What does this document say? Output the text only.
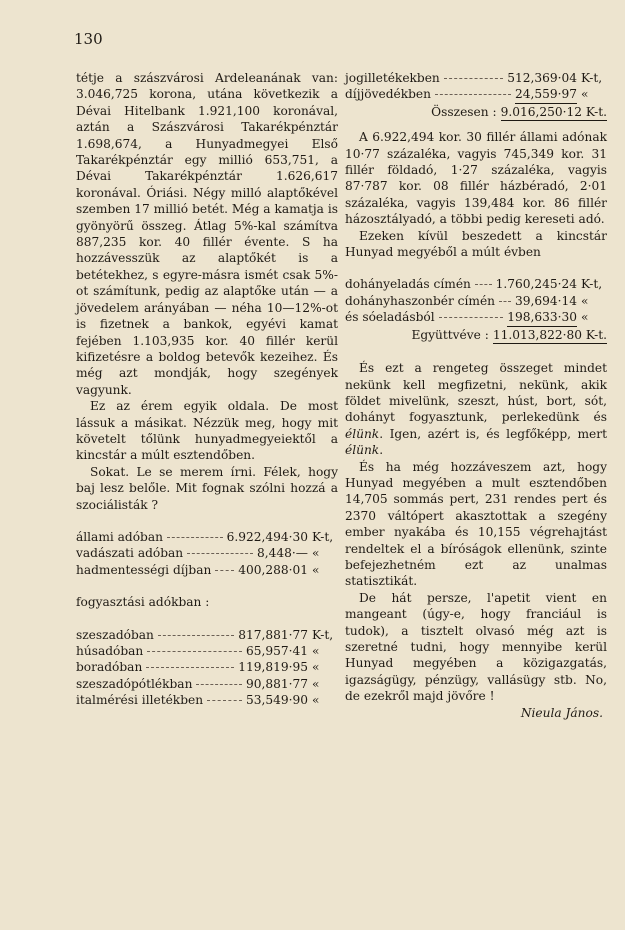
130

tétje a szászvárosi Ardeleanának van: 3.046,725 korona, utána következik a Dévai Hitelbank 1.921,100 koronával, aztán a Szászvárosi Takarékpénztár 1.698,674, a Hunyadmegyei Első Takarékpénztár egy millió 653,751, a Dévai Takarékpénztár 1.626,617 koronával. Óriási. Négy milló alaptőkével szemben 17 millió betét. Még a kamatja is gyönyörű összeg. Átlag 5%-kal számítva 887,235 kor. 40 fillér évente. S ha hozzávesszük az alaptőkét is a betétekhez, s egyre-másra ismét csak 5%-ot számítunk, pedig az alaptőke után — a jövedelem arányában — néha 10—12%-ot is fizetnek a bankok, egyévi kamat fejében 1.103,935 kor. 40 fillér kerül kifizetésre a boldog betevők kezeihez. És még azt mondják, hogy szegények vagyunk.

Ez az érem egyik oldala. De most lássuk a másikat. Nézzük meg, hogy mit követelt tőlünk hunyadmegyeiektől a kincstár a múlt esztendőben.

Sokat. Le se merem írni. Félek, hogy baj lesz belőle. Mit fognak szólni hozzá a szociálisták ?

állami adóban	6.922,494·30 K-t,
vadászati adóban	8,448·— «
hadmentességi díjban 400,288·01 «

fogyasztási adókban :

szeszadóban	817,881·77 K-t,
húsadóban	65,957·41 «
boradóban	119,819·95 «
szeszadópótlékban	90,881·77 «
italmérési illetékben	53,549·90 «
jogilletékekben	512,369·04 K-t,
díjjövedékben	24,559·97 «
Összesen : 9.016,250·12 K-t.

A 6.922,494 kor. 30 fillér állami adónak 10·77 százaléka, vagyis 745,349 kor. 31 fillér földadó, 1·27 százaléka, vagyis 87·787 kor. 08 fillér házbéradó, 2·01 százaléka, vagyis 139,484 kor. 86 fillér házosztályadó, a többi pedig kereseti adó.

Ezeken kívül beszedett a kincstár Hunyad megyéből a múlt évben

dohányeladás címén 1.760,245·24 K-t,
dohányhaszonbér címén 39,694·14 «
és sóeladásból	198,633·30 «
Együttvéve : 11.013,822·80 K-t.

És ezt a rengeteg összeget mindet nekünk kell megfizetni, nekünk, akik földet mivelünk, szeszt, húst, bort, sót, dohányt fogyasztunk, perlekedünk és élünk. Igen, azért is, és legfőképp, mert élünk.

És ha még hozzáveszem azt, hogy Hunyad megyében a mult esztendőben 14,705 sommás pert, 231 rendes pert és 2370 váltópert akasztottak a szegény ember nyakába és 10,155 végrehajtást rendeltek el a bíróságok ellenünk, szinte befejezhetném ezt az unalmas statisztikát.

De hát persze, l'apetit vient en mangeant (úgy-e, hogy franciául is tudok), a tisztelt olvasó még azt is szeretné tudni, hogy mennyibe kerül Hunyad megyében a közigazgatás, igazságügy, pénzügy, vallásügy stb. No, de ezekről majd jövőre !

Nieula János.
